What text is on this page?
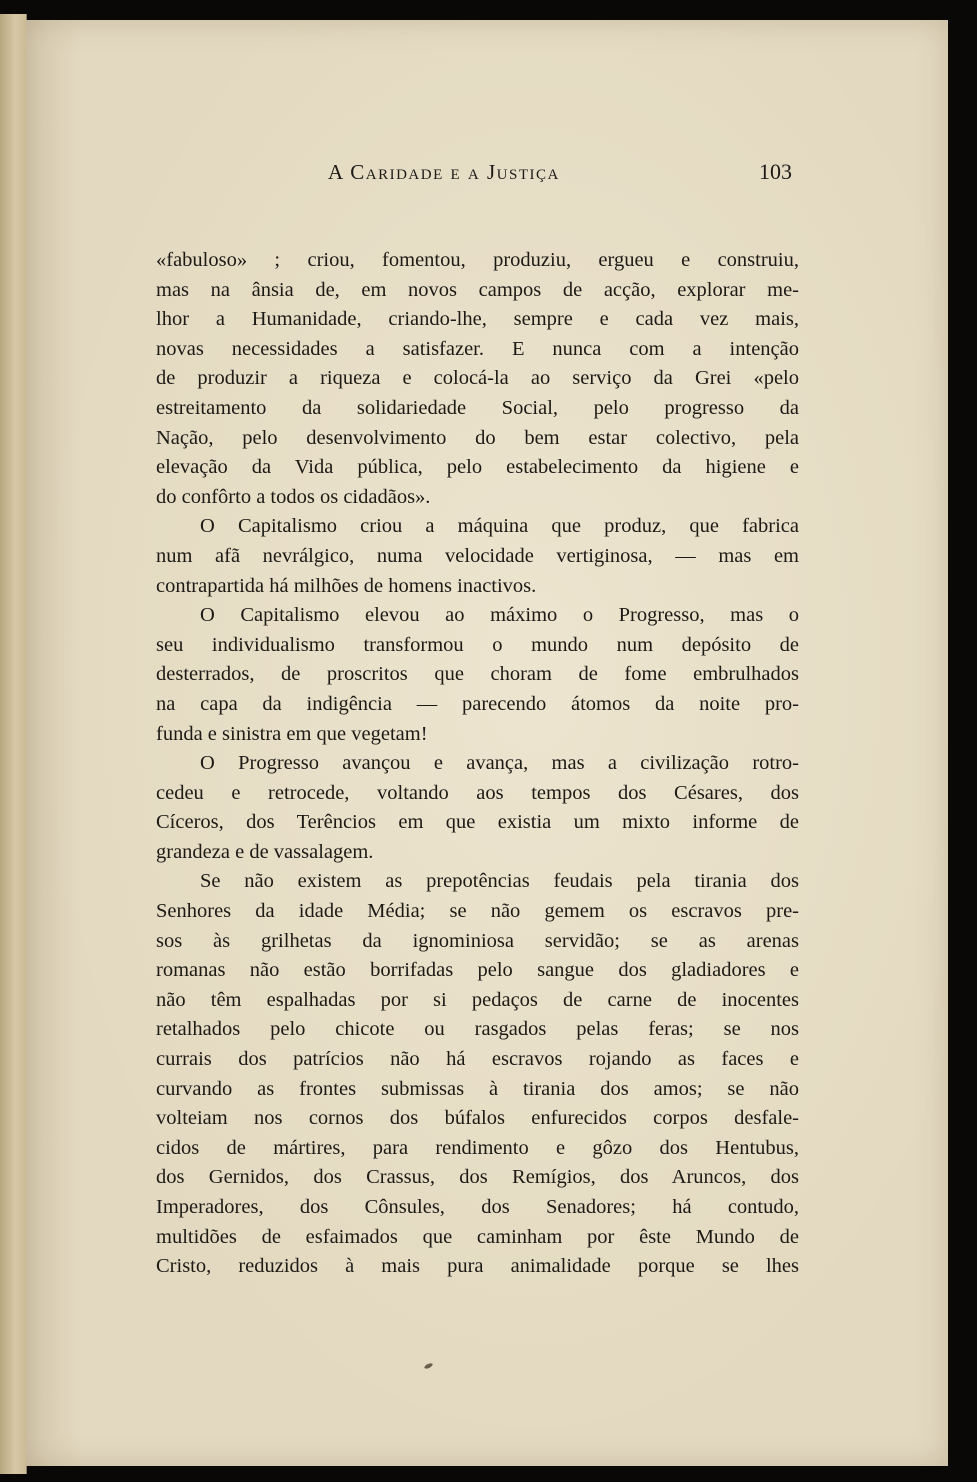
A Caridade e a Justiça	103
«fabuloso» ; criou, fomentou, produziu, ergueu e construiu,
mas na ânsia de, em novos campos de acção, explorar me-
lhor a Humanidade, criando-lhe, sempre e cada vez mais,
novas necessidades a satisfazer. E nunca com a intenção
de produzir a riqueza e colocá-la ao serviço da Grei «pelo
estreitamento da solidariedade Social, pelo progresso da
Nação, pelo desenvolvimento do bem estar colectivo, pela
elevação da Vida pública, pelo estabelecimento da higiene e
do confôrto a todos os cidadãos».
O Capitalismo criou a máquina que produz, que fabrica
num afã nevrálgico, numa velocidade vertiginosa, — mas em
contrapartida há milhões de homens inactivos.
O Capitalismo elevou ao máximo o Progresso, mas o
seu individualismo transformou o mundo num depósito de
desterrados, de proscritos que choram de fome embrulhados
na capa da indigência — parecendo átomos da noite pro-
funda e sinistra em que vegetam!
O Progresso avançou e avança, mas a civilização rotro-
cedeu e retrocede, voltando aos tempos dos Césares, dos
Cíceros, dos Terêncios em que existia um mixto informe de
grandeza e de vassalagem.
Se não existem as prepotências feudais pela tirania dos
Senhores da idade Média; se não gemem os escravos pre-
sos às grilhetas da ignominiosa servidão; se as arenas
romanas não estão borrifadas pelo sangue dos gladiadores e
não têm espalhadas por si pedaços de carne de inocentes
retalhados pelo chicote ou rasgados pelas feras; se nos
currais dos patrícios não há escravos rojando as faces e
curvando as frontes submissas à tirania dos amos; se não
volteiam nos cornos dos búfalos enfurecidos corpos desfale-
cidos de mártires, para rendimento e gôzo dos Hentubus,
dos Gernidos, dos Crassus, dos Remígios, dos Aruncos, dos
Imperadores, dos Cônsules, dos Senadores; há contudo,
multidões de esfaimados que caminham por êste Mundo de
Cristo, reduzidos à mais pura animalidade porque se lhes
